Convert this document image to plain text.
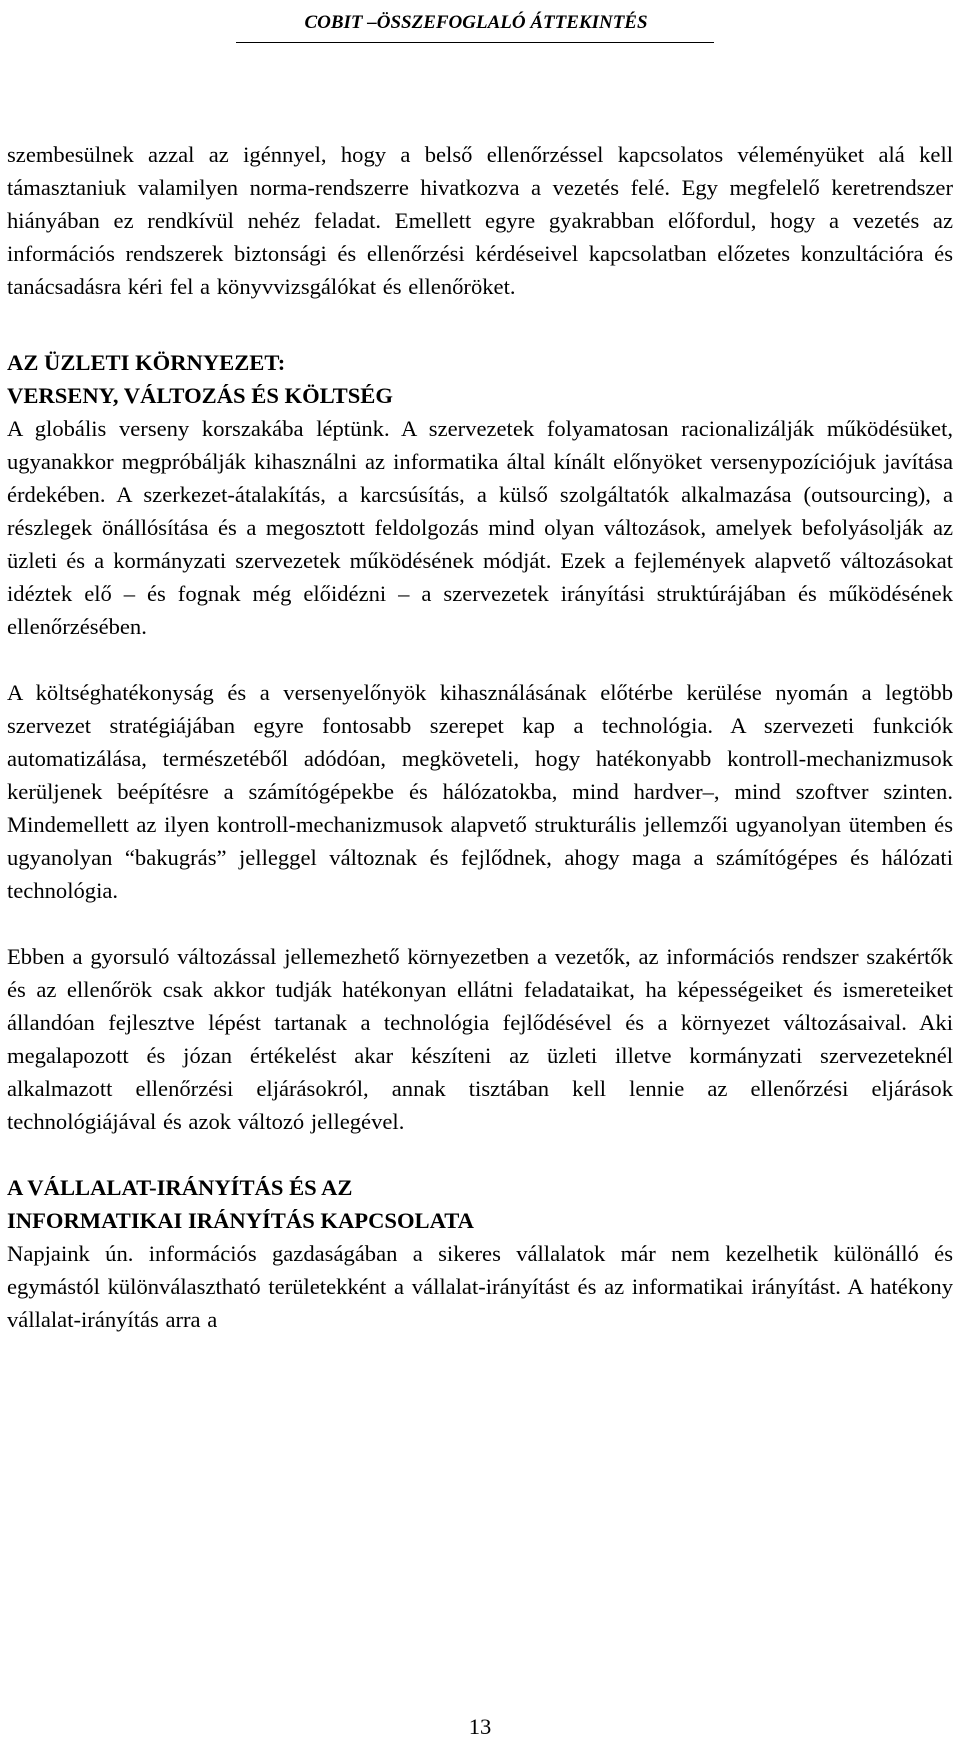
COBIT –ÖSSZEFOGLALÓ ÁTTEKINTÉS

szembesülnek azzal az igénnyel, hogy a belső ellenőrzéssel kapcsolatos véleményüket alá kell támasztaniuk valamilyen norma-rendszerre hivatkozva a vezetés felé. Egy megfelelő keretrendszer hiányában ez rendkívül nehéz feladat. Emellett egyre gyakrabban előfordul, hogy a vezetés az információs rendszerek biztonsági és ellenőrzési kérdéseivel kapcsolatban előzetes konzultációra és tanácsadásra kéri fel a könyvvizsgálókat és ellenőröket.

AZ ÜZLETI KÖRNYEZET:
VERSENY, VÁLTOZÁS ÉS KÖLTSÉG

A globális verseny korszakába léptünk. A szervezetek folyamatosan racionalizálják működésüket, ugyanakkor megpróbálják kihasználni az informatika által kínált előnyöket versenypozíciójuk javítása érdekében. A szerkezet-átalakítás, a karcsúsítás, a külső szolgáltatók alkalmazása (outsourcing), a részlegek önállósítása és a megosztott feldolgozás mind olyan változások, amelyek befolyásolják az üzleti és a kormányzati szervezetek működésének módját. Ezek a fejlemények alapvető változásokat idéztek elő – és fognak még előidézni – a szervezetek irányítási struktúrájában és működésének ellenőrzésében.

A költséghatékonyság és a versenyelőnyök kihasználásának előtérbe kerülése nyomán a legtöbb szervezet stratégiájában egyre fontosabb szerepet kap a technológia. A szervezeti funkciók automatizálása, természetéből adódóan, megköveteli, hogy hatékonyabb kontroll-mechanizmusok kerüljenek beépítésre a számítógépekbe és hálózatokba, mind hardver–, mind szoftver szinten. Mindemellett az ilyen kontroll-mechanizmusok alapvető strukturális jellemzői ugyanolyan ütemben és ugyanolyan “bakugrás” jelleggel változnak és fejlődnek, ahogy maga a számítógépes és hálózati technológia.

Ebben a gyorsuló változással jellemezhető környezetben a vezetők, az információs rendszer szakértők és az ellenőrök csak akkor tudják hatékonyan ellátni feladataikat, ha képességeiket és ismereteiket állandóan fejlesztve lépést tartanak a technológia fejlődésével és a környezet változásaival. Aki megalapozott és józan értékelést akar készíteni az üzleti illetve kormányzati szervezeteknél alkalmazott ellenőrzési eljárásokról, annak tisztában kell lennie az ellenőrzési eljárások technológiájával és azok változó jellegével.

A VÁLLALAT-IRÁNYÍTÁS ÉS AZ
INFORMATIKAI IRÁNYÍTÁS KAPCSOLATA

Napjaink ún. információs gazdaságában a sikeres vállalatok már nem kezelhetik különálló és egymástól különválasztható területekként a vállalat-irányítást és az informatikai irányítást. A hatékony vállalat-irányítás arra a

13
